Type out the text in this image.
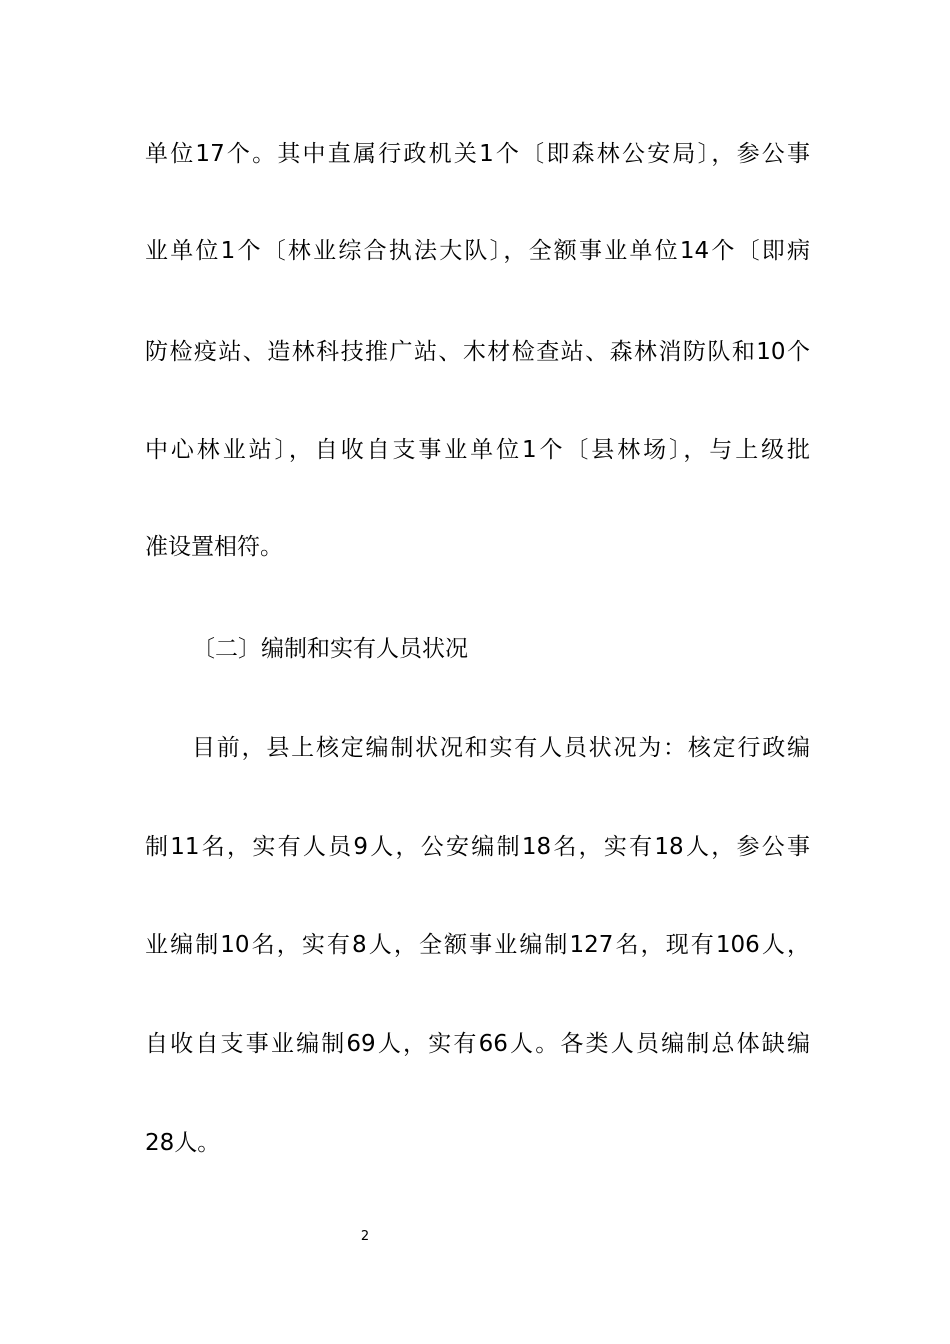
单位17个。其中直属行政机关1个〔即森林公安局〕，参公事
业单位1个〔林业综合执法大队〕，全额事业单位14个〔即病
防检疫站、造林科技推广站、木材检查站、森林消防队和10个
中心林业站〕，自收自支事业单位1个〔县林场〕，与上级批
准设置相符。
〔二〕编制和实有人员状况
目前，县上核定编制状况和实有人员状况为：核定行政编
制11名，实有人员9人，公安编制18名，实有18人，参公事
业编制10名，实有8人，全额事业编制127名，现有106人，
自收自支事业编制69人，实有66人。各类人员编制总体缺编
28人。
2
